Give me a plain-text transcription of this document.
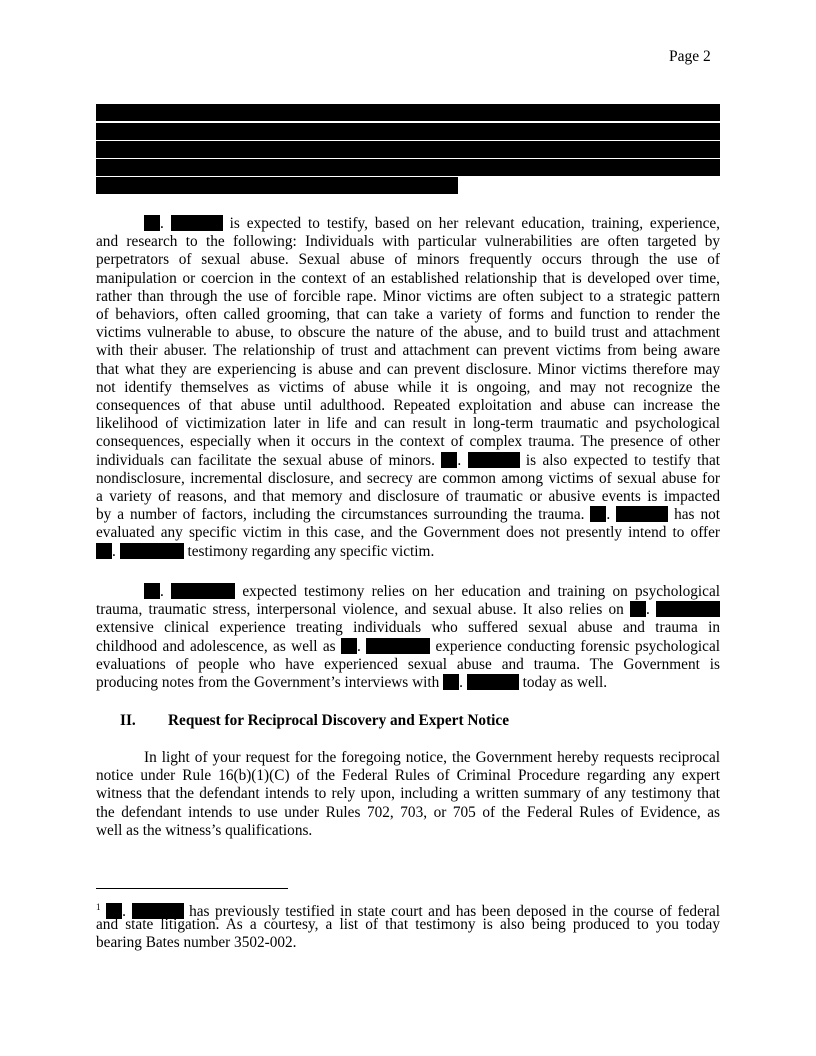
Page 2
.	is expected to testify, based on her relevant education, training, experience,
and research to the following: Individuals with particular vulnerabilities are often targeted by
perpetrators of sexual abuse. Sexual abuse of minors frequently occurs through the use of
manipulation or coercion in the context of an established relationship that is developed over time,
rather than through the use of forcible rape. Minor victims are often subject to a strategic pattern
of behaviors, often called grooming, that can take a variety of forms and function to render the
victims vulnerable to abuse, to obscure the nature of the abuse, and to build trust and attachment
with their abuser. The relationship of trust and attachment can prevent victims from being aware
that what they are experiencing is abuse and can prevent disclosure. Minor victims therefore may
not identify themselves as victims of abuse while it is ongoing, and may not recognize the
consequences of that abuse until adulthood. Repeated exploitation and abuse can increase the
likelihood of victimization later in life and can result in long-term traumatic and psychological
consequences, especially when it occurs in the context of complex trauma. The presence of other
individuals can facilitate the sexual abuse of minors. .	is also expected to testify that
nondisclosure, incremental disclosure, and secrecy are common among victims of sexual abuse for
a variety of reasons, and that memory and disclosure of traumatic or abusive events is impacted
by a number of factors, including the circumstances surrounding the trauma. .	has not
evaluated any specific victim in this case, and the Government does not presently intend to offer
.	testimony regarding any specific victim.
.	expected testimony relies on her education and training on psychological
trauma, traumatic stress, interpersonal violence, and sexual abuse. It also relies on .
extensive clinical experience treating individuals who suffered sexual abuse and trauma in
childhood and adolescence, as well as .	experience conducting forensic psychological
evaluations of people who have experienced sexual abuse and trauma. The Government is
producing notes from the Government’s interviews with .	today as well.
II. Request for Reciprocal Discovery and Expert Notice
In light of your request for the foregoing notice, the Government hereby requests reciprocal
notice under Rule 16(b)(1)(C) of the Federal Rules of Criminal Procedure regarding any expert
witness that the defendant intends to rely upon, including a written summary of any testimony that
the defendant intends to use under Rules 702, 703, or 705 of the Federal Rules of Evidence, as
well as the witness’s qualifications.
$^1$ .	has previously testified in state court and has been deposed in the course of federal
and state litigation. As a courtesy, a list of that testimony is also being produced to you today
bearing Bates number 3502-002.
